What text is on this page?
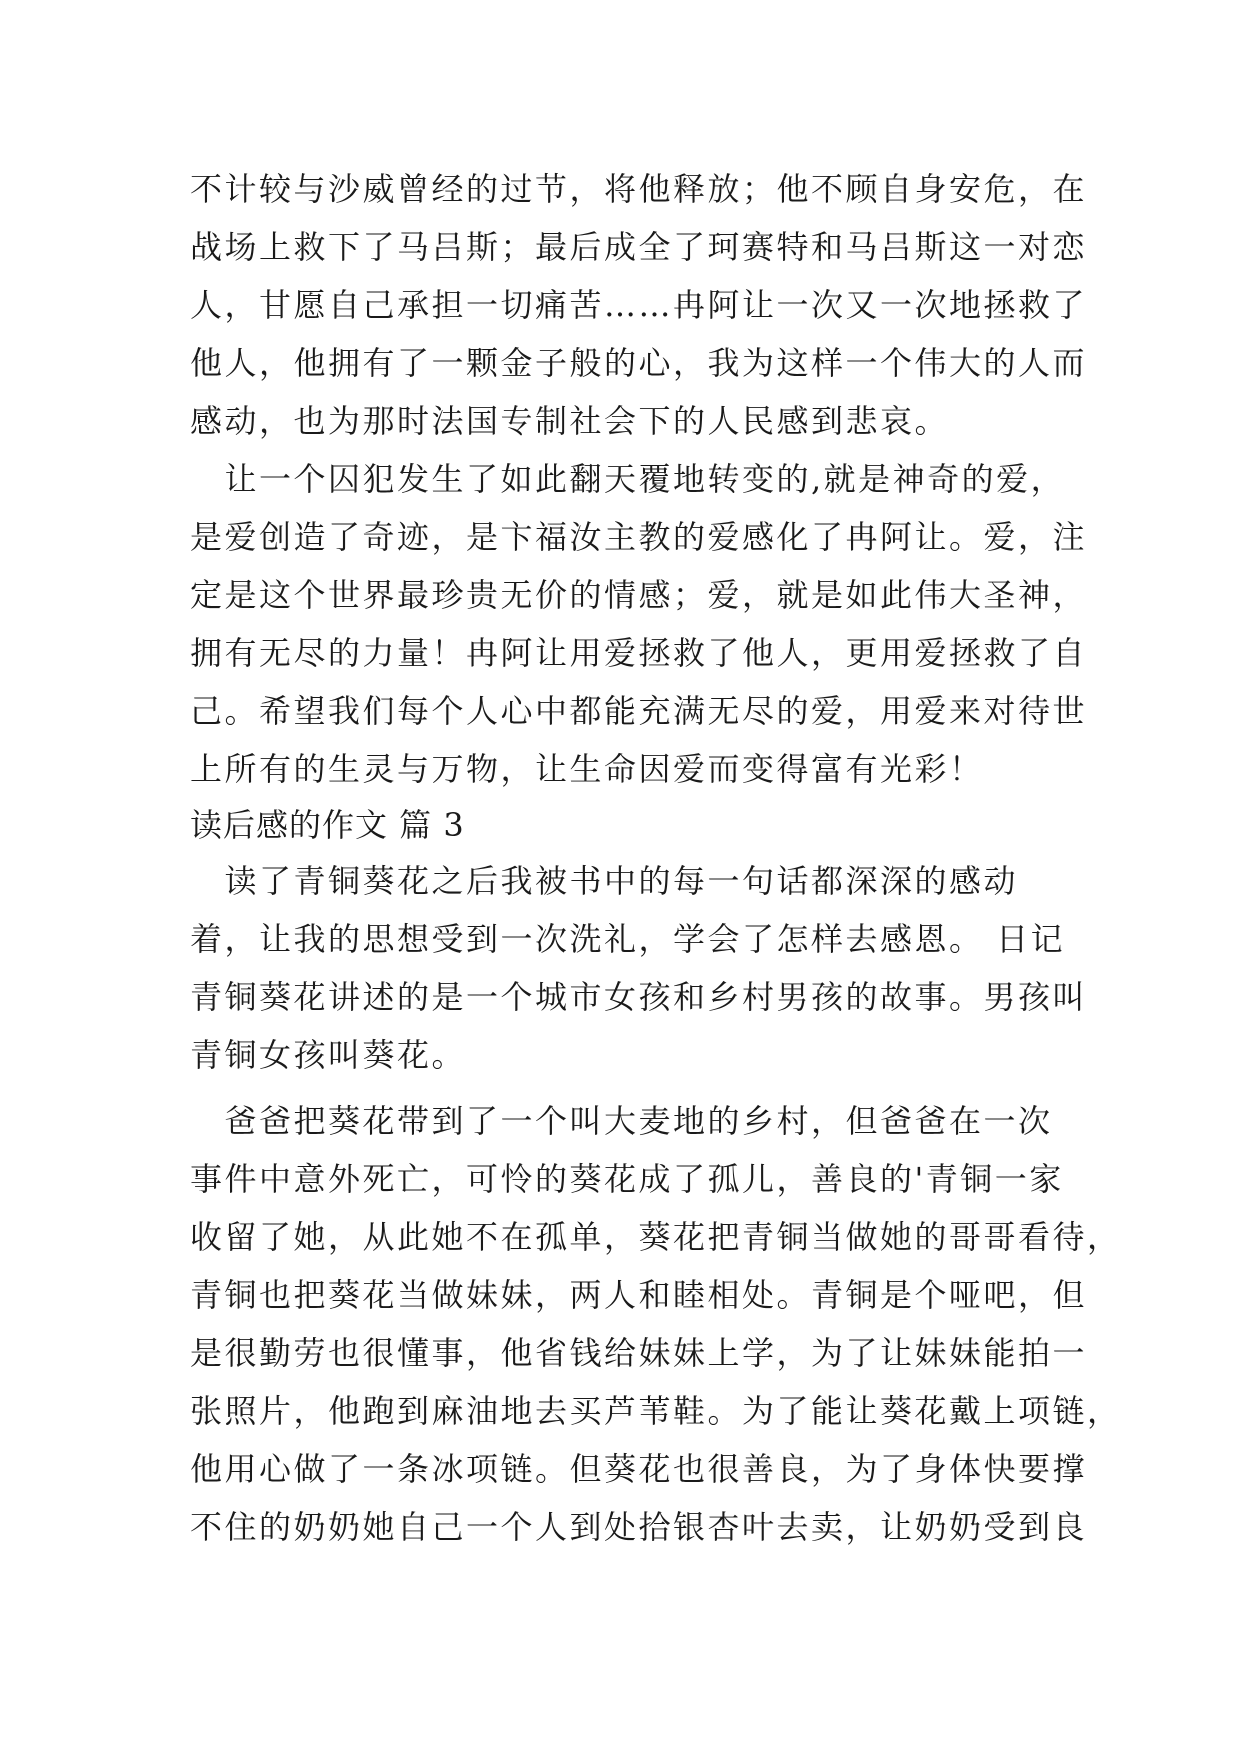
不计较与沙威曾经的过节，将他释放；他不顾自身安危，在
战场上救下了马吕斯；最后成全了珂赛特和马吕斯这一对恋
人，甘愿自己承担一切痛苦……冉阿让一次又一次地拯救了
他人，他拥有了一颗金子般的心，我为这样一个伟大的人而
感动，也为那时法国专制社会下的人民感到悲哀。
　让一个囚犯发生了如此翻天覆地转变的,就是神奇的爱，
是爱创造了奇迹，是卞福汝主教的爱感化了冉阿让。爱，注
定是这个世界最珍贵无价的情感；爱，就是如此伟大圣神，
拥有无尽的力量！冉阿让用爱拯救了他人，更用爱拯救了自
己。希望我们每个人心中都能充满无尽的爱，用爱来对待世
上所有的生灵与万物，让生命因爱而变得富有光彩！
读后感的作文 篇 3
　读了青铜葵花之后我被书中的每一句话都深深的感动
着，让我的思想受到一次洗礼，学会了怎样去感恩。 日记
青铜葵花讲述的是一个城市女孩和乡村男孩的故事。男孩叫
青铜女孩叫葵花。
　爸爸把葵花带到了一个叫大麦地的乡村，但爸爸在一次
事件中意外死亡，可怜的葵花成了孤儿，善良的'青铜一家
收留了她，从此她不在孤单，葵花把青铜当做她的哥哥看待，
青铜也把葵花当做妹妹，两人和睦相处。青铜是个哑吧，但
是很勤劳也很懂事，他省钱给妹妹上学，为了让妹妹能拍一
张照片，他跑到麻油地去买芦苇鞋。为了能让葵花戴上项链，
他用心做了一条冰项链。但葵花也很善良，为了身体快要撑
不住的奶奶她自己一个人到处拾银杏叶去卖，让奶奶受到良
